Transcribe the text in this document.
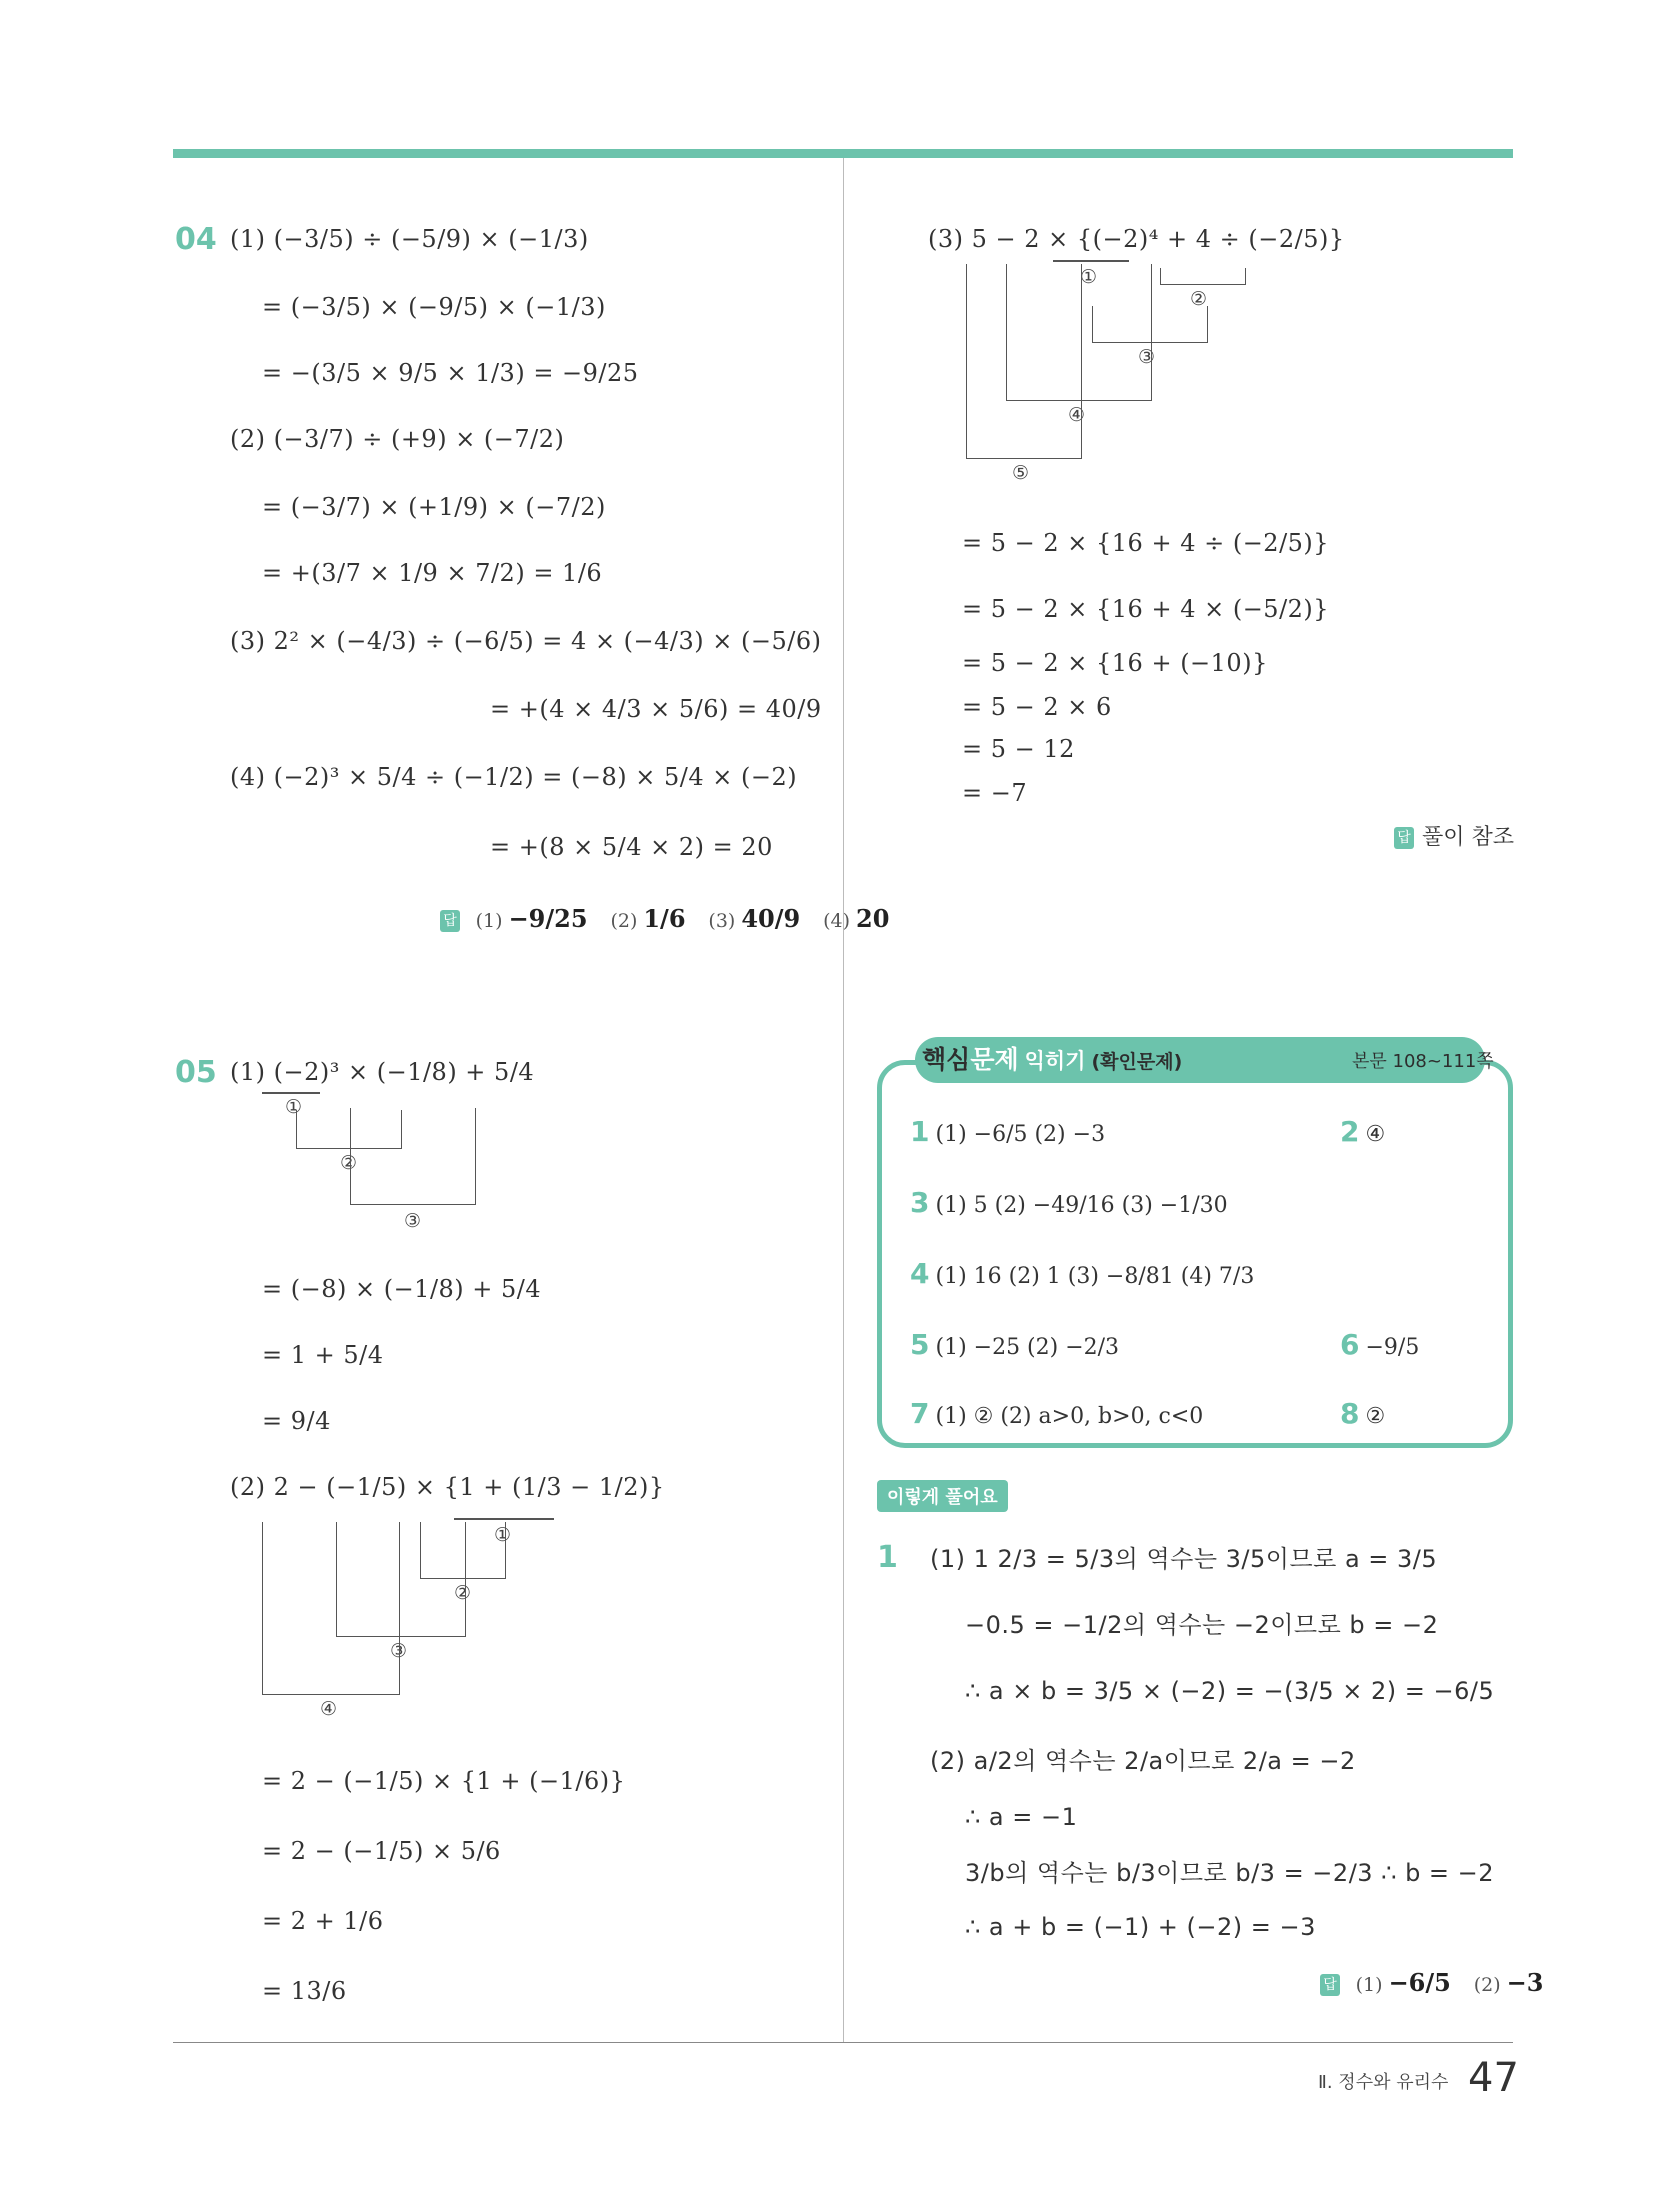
04 (1) (−3/5) ÷ (−5/9) × (−1/3)
= (−3/5) × (−9/5) × (−1/3)
= −(3/5 × 9/5 × 1/3) = −9/25
(2) (−3/7) ÷ (+9) × (−7/2)
= (−3/7) × (+1/9) × (−7/2)
= +(3/7 × 1/9 × 7/2) = 1/6
(3) 2² × (−4/3) ÷ (−6/5) = 4 × (−4/3) × (−5/6)
= +(4 × 4/3 × 5/6) = 40/9
(4) (−2)³ × 5/4 ÷ (−1/2) = (−8) × 5/4 × (−2)
= +(8 × 5/4 × 2) = 20
답 (1) −9/25 (2) 1/6 (3) 40/9 (4) 20
(3) 5 − 2 × {(−2)⁴ + 4 ÷ (−2/5)}
①
②
③
④
⑤
= 5 − 2 × {16 + 4 ÷ (−2/5)}
= 5 − 2 × {16 + 4 × (−5/2)}
= 5 − 2 × {16 + (−10)}
= 5 − 2 × 6
= 5 − 12
= −7
답 풀이 참조
05 (1) (−2)³ × (−1/8) + 5/4
①
②
③
= (−8) × (−1/8) + 5/4
= 1 + 5/4
= 9/4
(2) 2 − (−1/5) × {1 + (1/3 − 1/2)}
①
②
③
④
= 2 − (−1/5) × {1 + (−1/6)}
= 2 − (−1/5) × 5/6
= 2 + 1/6
= 13/6
핵심문제 익히기 (확인문제)	본문 108~111쪽
1 (1) −6/5 (2) −3	2 ④
3 (1) 5 (2) −49/16 (3) −1/30
4 (1) 16 (2) 1 (3) −8/81 (4) 7/3
5 (1) −25 (2) −2/3	6 −9/5
7 (1) ② (2) a>0, b>0, c<0	8 ②
이렇게 풀어요
1 (1) 1 2/3 = 5/3의 역수는 3/5이므로 a = 3/5
−0.5 = −1/2의 역수는 −2이므로 b = −2
∴ a × b = 3/5 × (−2) = −(3/5 × 2) = −6/5
(2) a/2의 역수는 2/a이므로 2/a = −2
∴ a = −1
3/b의 역수는 b/3이므로 b/3 = −2/3 ∴ b = −2
∴ a + b = (−1) + (−2) = −3
답 (1) −6/5 (2) −3
Ⅱ. 정수와 유리수 47
